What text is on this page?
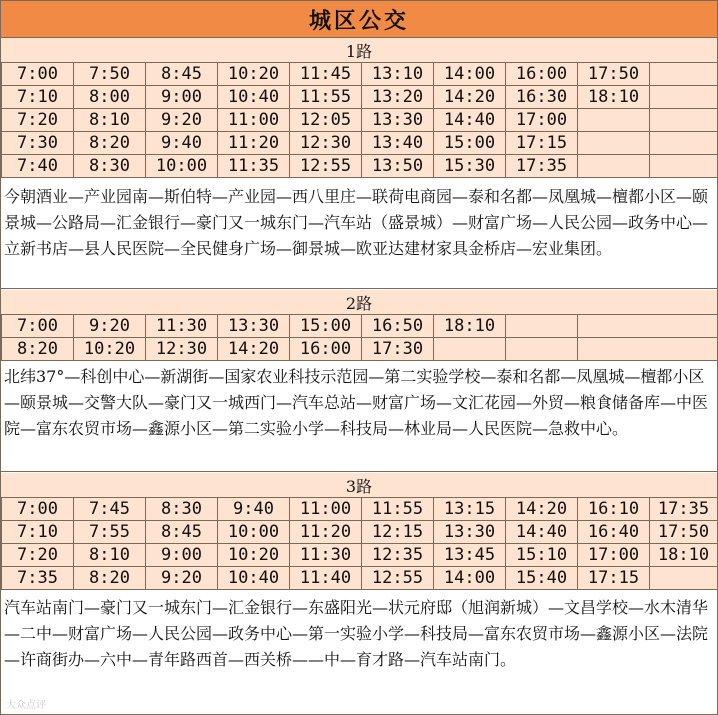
城区公交
1路
7:00	7:50	8:45	10:20	11:45	13:10	14:00	16:00	17:50	
7:10	8:00	9:00	10:40	11:55	13:20	14:20	16:30	18:10	
7:20	8:10	9:20	11:00	12:05	13:30	14:40	17:00		
7:30	8:20	9:40	11:20	12:30	13:40	15:00	17:15		
7:40	8:30	10:00	11:35	12:55	13:50	15:30	17:35		
今朝酒业—产业园南—斯伯特—产业园—西八里庄—联荷电商园—泰和名都—凤凰城—檀都小区—颐景城—公路局—汇金银行—豪门又一城东门—汽车站（盛景城）—财富广场—人民公园—政务中心—立新书店—县人民医院—全民健身广场—御景城—欧亚达建材家具金桥店—宏业集团。
2路
7:00	9:20	11:30	13:30	15:00	16:50	18:10		
8:20	10:20	12:30	14:20	16:00	17:30			
北纬37°—科创中心—新湖街—国家农业科技示范园—第二实验学校—泰和名都—凤凰城—檀都小区—颐景城—交警大队—豪门又一城西门—汽车总站—财富广场—文汇花园—外贸—粮食储备库—中医院—富东农贸市场—鑫源小区—第二实验小学—科技局—林业局—人民医院—急救中心。
3路
7:00	7:45	8:30	9:40	11:00	11:55	13:15	14:20	16:10	17:35
7:10	7:55	8:45	10:00	11:20	12:15	13:30	14:40	16:40	17:50
7:20	8:10	9:00	10:20	11:30	12:35	13:45	15:10	17:00	18:10
7:35	8:20	9:20	10:40	11:40	12:55	14:00	15:40	17:15	
汽车站南门—豪门又一城东门—汇金银行—东盛阳光—状元府邸（旭润新城）—文昌学校—水木清华—二中—财富广场—人民公园—政务中心—第一实验小学—科技局—富东农贸市场—鑫源小区—法院—许商街办—六中—青年路西首—西关桥——中—育才路—汽车站南门。
大众点评
